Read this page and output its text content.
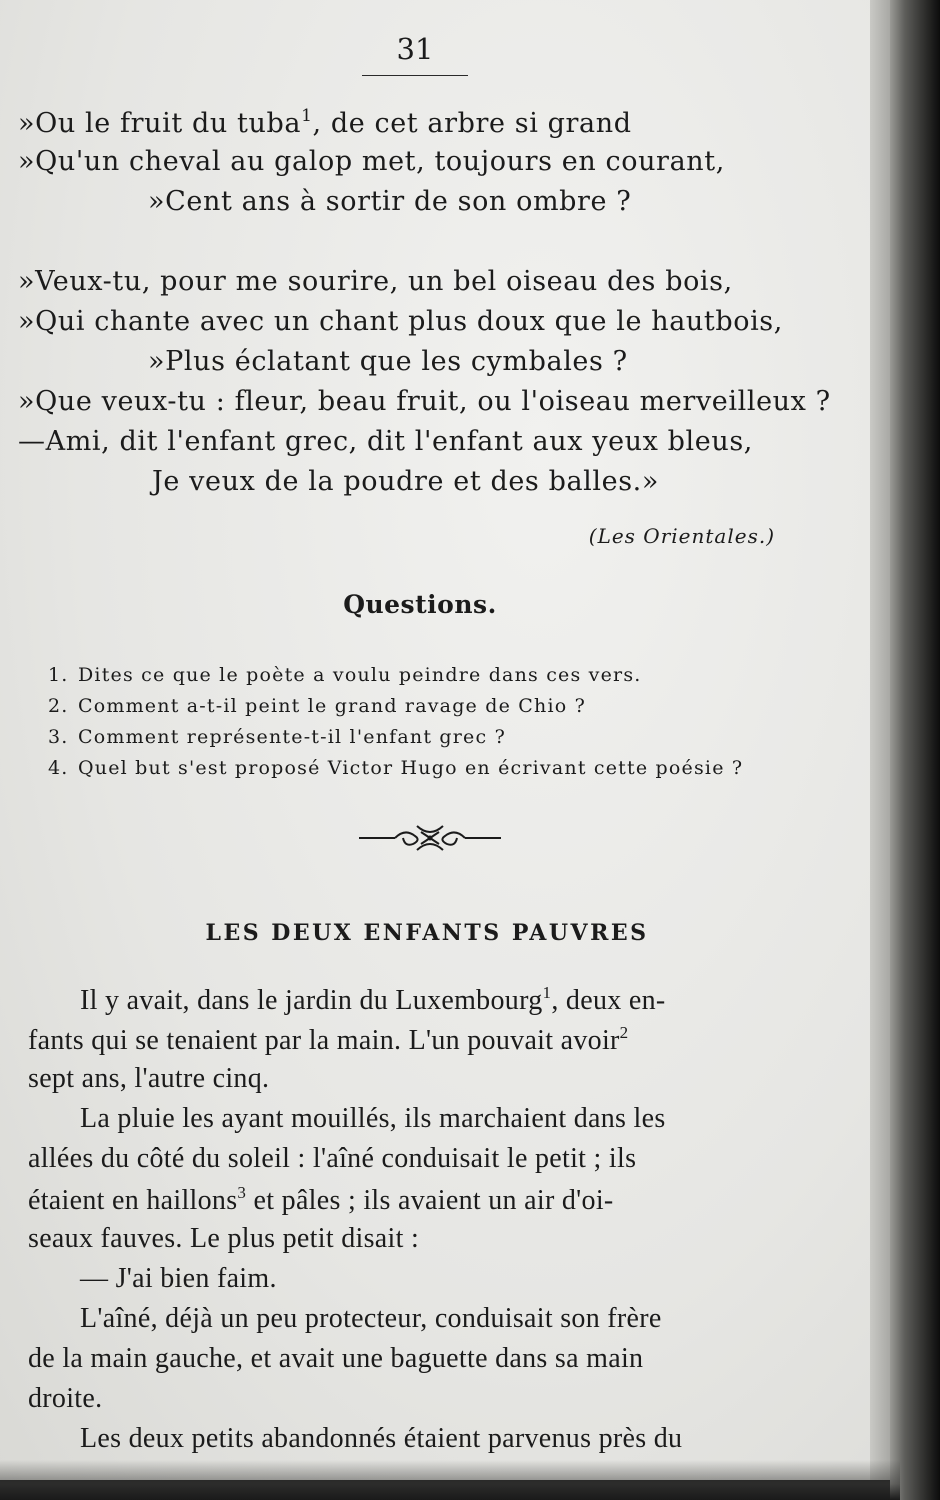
31
»Ou le fruit du tuba$^1$, de cet arbre si grand
»Qu'un cheval au galop met, toujours en courant,
»Cent ans à sortir de son ombre ?
»Veux-tu, pour me sourire, un bel oiseau des bois,
»Qui chante avec un chant plus doux que le hautbois,
»Plus éclatant que les cymbales ?
»Que veux-tu : fleur, beau fruit, ou l'oiseau merveilleux ?
—Ami, dit l'enfant grec, dit l'enfant aux yeux bleus,
Je veux de la poudre et des balles.»
(Les Orientales.)
Questions.
1. Dites ce que le poète a voulu peindre dans ces vers.
2. Comment a-t-il peint le grand ravage de Chio ?
3. Comment représente-t-il l'enfant grec ?
4. Quel but s'est proposé Victor Hugo en écrivant cette poésie ?
LES DEUX ENFANTS PAUVRES
Il y avait, dans le jardin du Luxembourg$^1$, deux en-
fants qui se tenaient par la main. L'un pouvait avoir$^2$
sept ans, l'autre cinq.
La pluie les ayant mouillés, ils marchaient dans les
allées du côté du soleil : l'aîné conduisait le petit ; ils
étaient en haillons$^3$ et pâles ; ils avaient un air d'oi-
seaux fauves. Le plus petit disait :
— J'ai bien faim.
L'aîné, déjà un peu protecteur, conduisait son frère
de la main gauche, et avait une baguette dans sa main
droite.
Les deux petits abandonnés étaient parvenus près du
